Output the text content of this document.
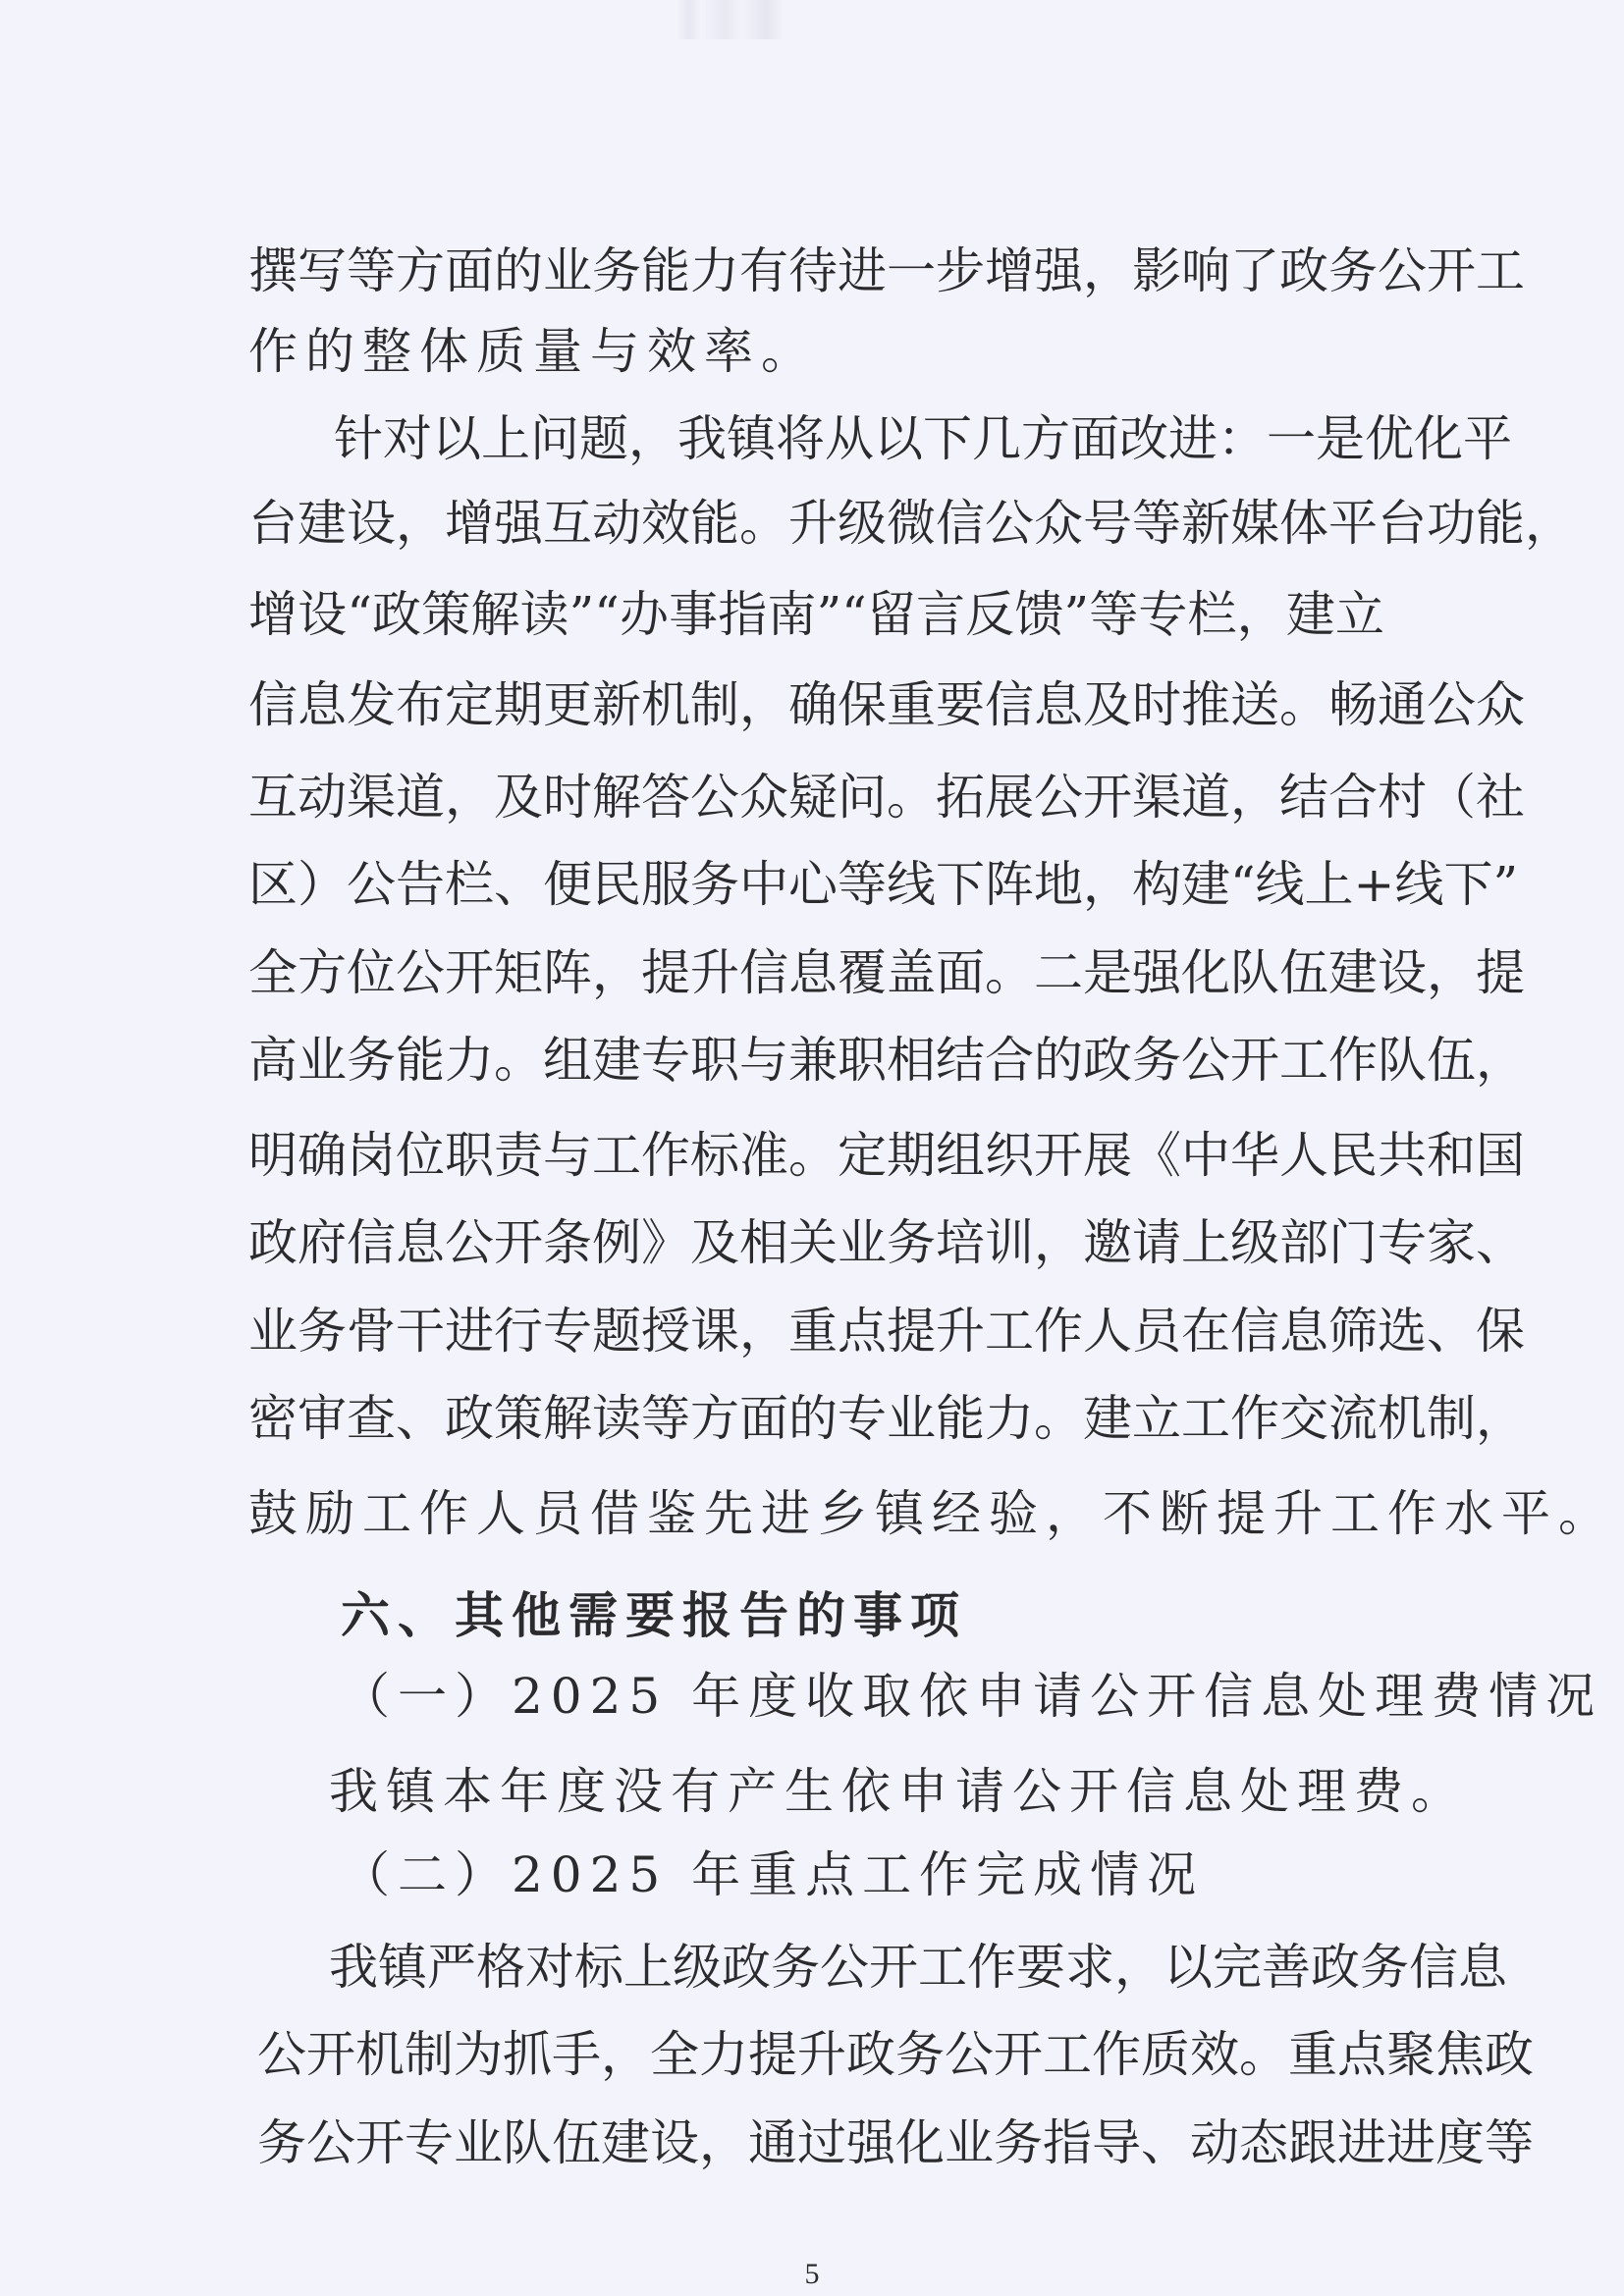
撰写等方面的业务能力有待进一步增强，影响了政务公开工
作的整体质量与效率。
针对以上问题，我镇将从以下几方面改进：一是优化平
台建设，增强互动效能。升级微信公众号等新媒体平台功能，
增设“政策解读”“办事指南”“留言反馈”等专栏，建立
信息发布定期更新机制，确保重要信息及时推送。畅通公众
互动渠道，及时解答公众疑问。拓展公开渠道，结合村（社
区）公告栏、便民服务中心等线下阵地，构建“线上+线下”
全方位公开矩阵，提升信息覆盖面。二是强化队伍建设，提
高业务能力。组建专职与兼职相结合的政务公开工作队伍，
明确岗位职责与工作标准。定期组织开展《中华人民共和国
政府信息公开条例》及相关业务培训，邀请上级部门专家、
业务骨干进行专题授课，重点提升工作人员在信息筛选、保
密审查、政策解读等方面的专业能力。建立工作交流机制，
鼓励工作人员借鉴先进乡镇经验，不断提升工作水平。
六、其他需要报告的事项
（一）2025 年度收取依申请公开信息处理费情况
我镇本年度没有产生依申请公开信息处理费。
（二）2025 年重点工作完成情况
我镇严格对标上级政务公开工作要求，以完善政务信息
公开机制为抓手，全力提升政务公开工作质效。重点聚焦政
务公开专业队伍建设，通过强化业务指导、动态跟进进度等
5
